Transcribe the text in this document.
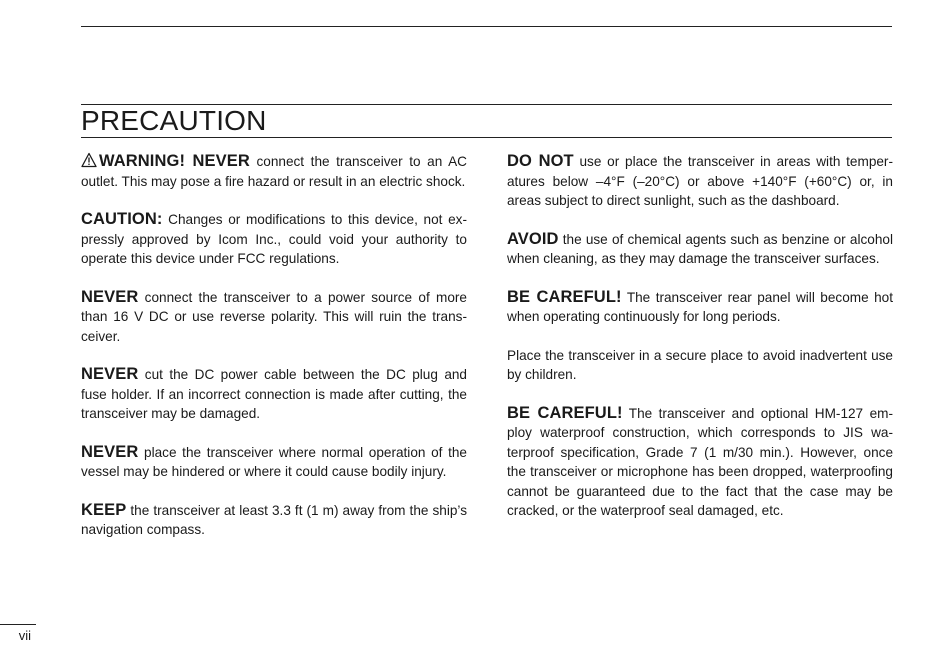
PRECAUTION

WARNING! NEVER connect the transceiver to an AC outlet. This may pose a fire hazard or result in an electric shock.

CAUTION: Changes or modifications to this device, not expressly approved by Icom Inc., could void your authority to operate this device under FCC regulations.

NEVER connect the transceiver to a power source of more than 16 V DC or use reverse polarity. This will ruin the transceiver.

NEVER cut the DC power cable between the DC plug and fuse holder. If an incorrect connection is made after cutting, the transceiver may be damaged.

NEVER place the transceiver where normal operation of the vessel may be hindered or where it could cause bodily injury.

KEEP the transceiver at least 3.3 ft (1 m) away from the ship’s navigation compass.

DO NOT use or place the transceiver in areas with temperatures below –4°F (–20°C) or above +140°F (+60°C) or, in areas subject to direct sunlight, such as the dashboard.

AVOID the use of chemical agents such as benzine or alcohol when cleaning, as they may damage the transceiver surfaces.

BE CAREFUL! The transceiver rear panel will become hot when operating continuously for long periods.

Place the transceiver in a secure place to avoid inadvertent use by children.

BE CAREFUL! The transceiver and optional HM-127 employ waterproof construction, which corresponds to JIS waterproof specification, Grade 7 (1 m/30 min.). However, once the transceiver or microphone has been dropped, waterproofing cannot be guaranteed due to the fact that the case may be cracked, or the waterproof seal damaged, etc.

vii
